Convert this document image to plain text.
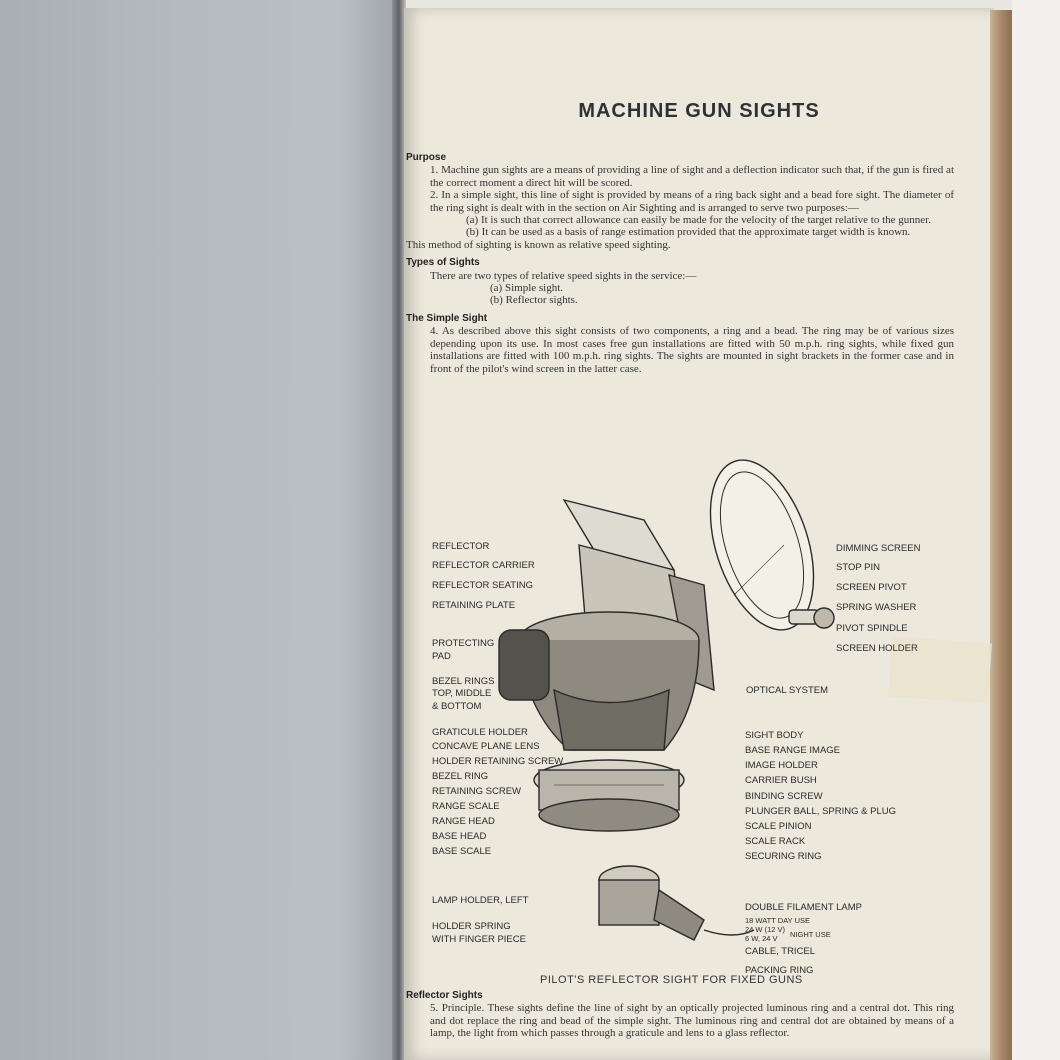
MACHINE GUN SIGHTS
Purpose
1. Machine gun sights are a means of providing a line of sight and a deflection indicator such that, if the gun is fired at the correct moment a direct hit will be scored.
2. In a simple sight, this line of sight is provided by means of a ring back sight and a bead fore sight. The diameter of the ring sight is dealt with in the section on Air Sighting and is arranged to serve two purposes:—
(a) It is such that correct allowance can easily be made for the velocity of the target relative to the gunner.
(b) It can be used as a basis of range estimation provided that the approximate target width is known.
This method of sighting is known as relative speed sighting.
Types of Sights
There are two types of relative speed sights in the service:—
(a) Simple sight.
(b) Reflector sights.
The Simple Sight
4. As described above this sight consists of two components, a ring and a bead. The ring may be of various sizes depending upon its use. In most cases free gun installations are fitted with 50 m.p.h. ring sights, while fixed gun installations are fitted with 100 m.p.h. ring sights. The sights are mounted in sight brackets in the former case and in front of the pilot's wind screen in the latter case.
REFLECTOR
REFLECTOR CARRIER
REFLECTOR SEATING
RETAINING PLATE
PROTECTING
PAD
BEZEL RINGS
TOP, MIDDLE
& BOTTOM
GRATICULE HOLDER
CONCAVE PLANE LENS
HOLDER RETAINING SCREW
BEZEL RING
RETAINING SCREW
RANGE SCALE
RANGE HEAD
BASE HEAD
BASE SCALE
LAMP HOLDER, LEFT
HOLDER SPRING
WITH FINGER PIECE
DIMMING SCREEN
STOP PIN
SCREEN PIVOT
SPRING WASHER
PIVOT SPINDLE
SCREEN HOLDER
OPTICAL SYSTEM
SIGHT BODY
BASE RANGE IMAGE
IMAGE HOLDER
CARRIER BUSH
BINDING SCREW
PLUNGER BALL, SPRING & PLUG
SCALE PINION
SCALE RACK
SECURING RING
DOUBLE FILAMENT LAMP
18 WATT DAY USE
24 W (12 V)
6 W, 24 V NIGHT USE
CABLE, TRICEL
PACKING RING
PILOT'S REFLECTOR SIGHT FOR FIXED GUNS
Reflector Sights
5. Principle. These sights define the line of sight by an optically projected luminous ring and a central dot. This ring and dot replace the ring and bead of the simple sight. The luminous ring and central dot are obtained by means of a lamp, the light from which passes through a graticule and lens to a glass reflector.
